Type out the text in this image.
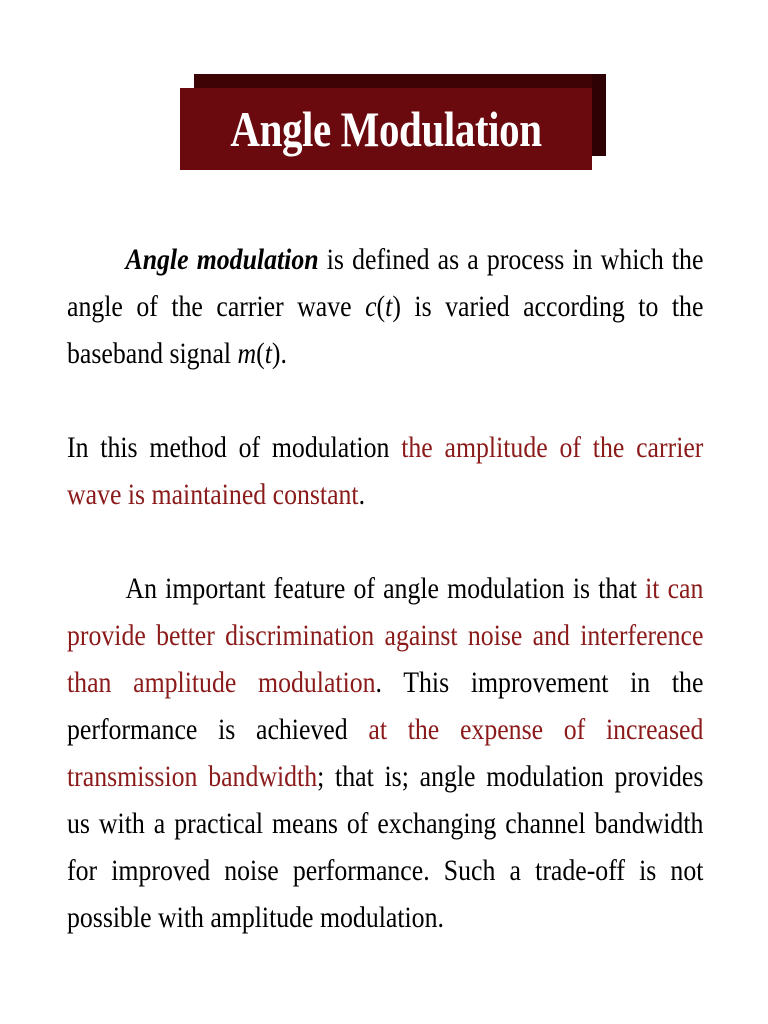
Angle Modulation

Angle modulation is defined as a process in which the angle of the carrier wave c(t) is varied according to the baseband signal m(t).

In this method of modulation the amplitude of the carrier wave is maintained constant.

An important feature of angle modulation is that it can provide better discrimination against noise and interference than amplitude modulation. This improvement in the performance is achieved at the expense of increased transmission bandwidth; that is; angle modulation provides us with a practical means of exchanging channel bandwidth for improved noise performance. Such a trade-off is not possible with amplitude modulation.
